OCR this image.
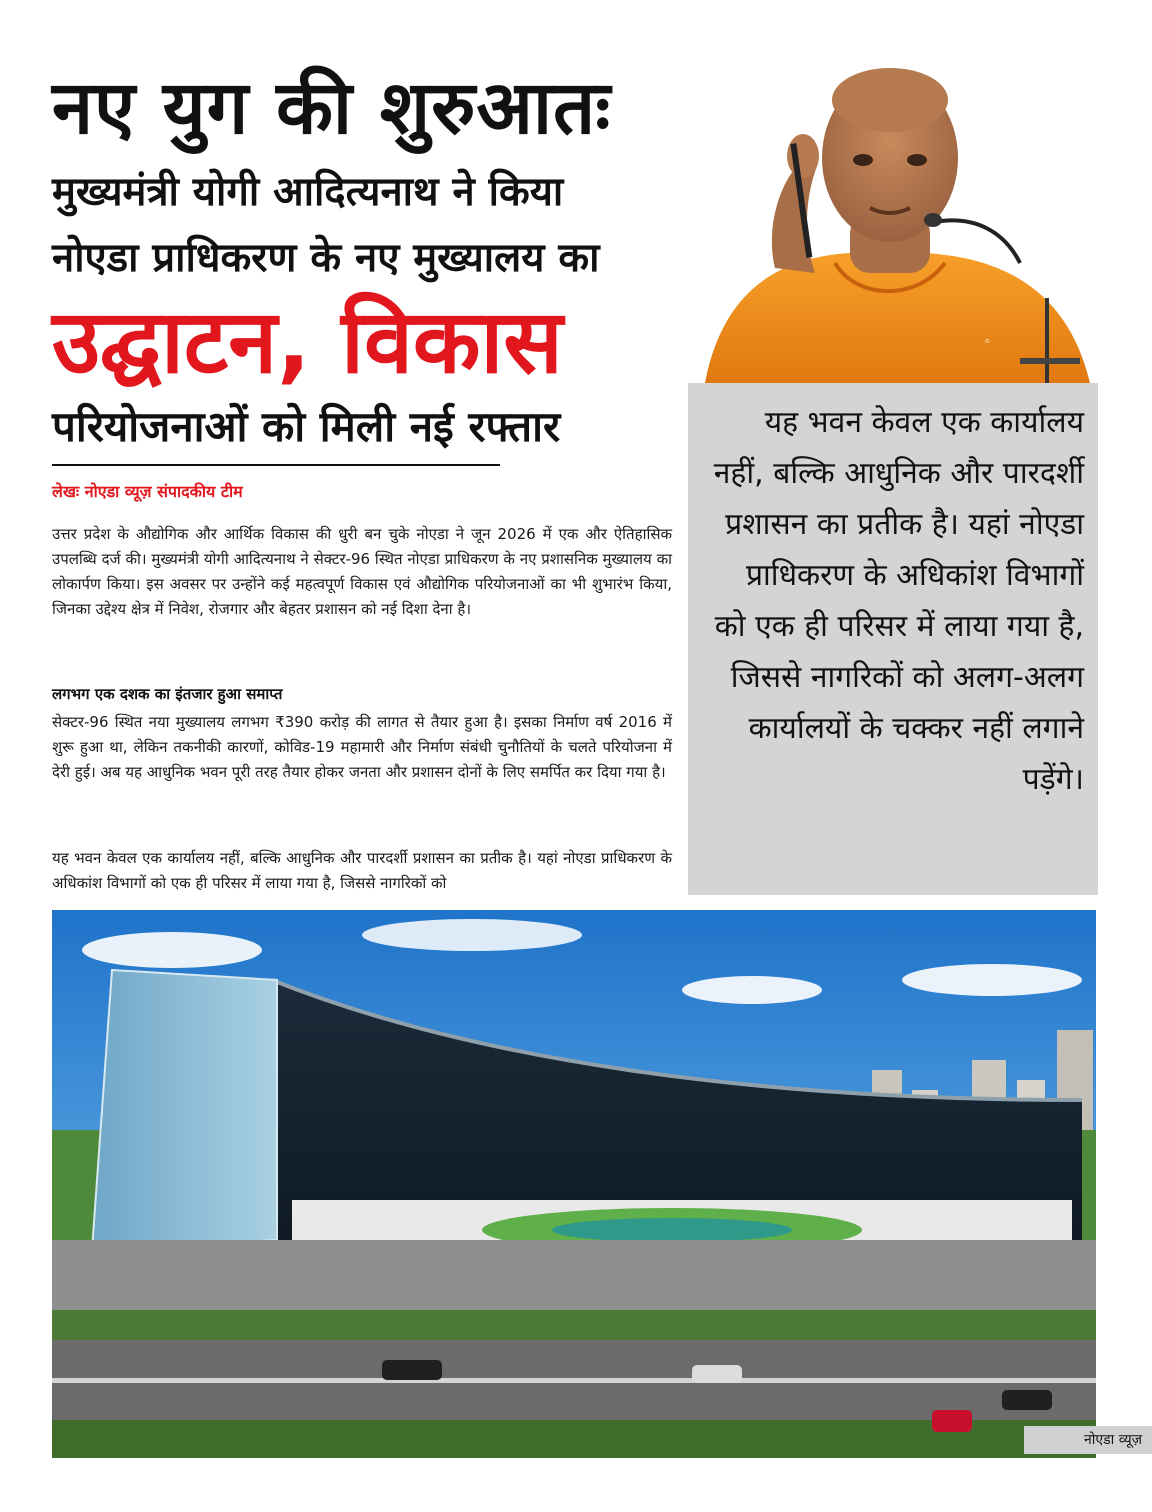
नए युग की शुरुआतः
मुख्यमंत्री योगी आदित्यनाथ ने किया
नोएडा प्राधिकरण के नए मुख्यालय का
उद्घाटन, विकास
परियोजनाओं को मिली नई रफ्तार
लेखः नोएडा व्यूज़ संपादकीय टीम
उत्तर प्रदेश के औद्योगिक और आर्थिक विकास की धुरी बन चुके नोएडा ने जून 2026 में एक और ऐतिहासिक उपलब्धि दर्ज की। मुख्यमंत्री योगी आदित्यनाथ ने सेक्टर-96 स्थित नोएडा प्राधिकरण के नए प्रशासनिक मुख्यालय का लोकार्पण किया। इस अवसर पर उन्होंने कई महत्वपूर्ण विकास एवं औद्योगिक परियोजनाओं का भी शुभारंभ किया, जिनका उद्देश्य क्षेत्र में निवेश, रोजगार और बेहतर प्रशासन को नई दिशा देना है।
लगभग एक दशक का इंतजार हुआ समाप्त
सेक्टर-96 स्थित नया मुख्यालय लगभग ₹390 करोड़ की लागत से तैयार हुआ है। इसका निर्माण वर्ष 2016 में शुरू हुआ था, लेकिन तकनीकी कारणों, कोविड-19 महामारी और निर्माण संबंधी चुनौतियों के चलते परियोजना में देरी हुई। अब यह आधुनिक भवन पूरी तरह तैयार होकर जनता और प्रशासन दोनों के लिए समर्पित कर दिया गया है।
यह भवन केवल एक कार्यालय नहीं, बल्कि आधुनिक और पारदर्शी प्रशासन का प्रतीक है। यहां नोएडा प्राधिकरण के अधिकांश विभागों को एक ही परिसर में लाया गया है, जिससे नागरिकों को
©
यह भवन केवल एक कार्यालय नहीं, बल्कि आधुनिक और पारदर्शी प्रशासन का प्रतीक है। यहां नोएडा प्राधिकरण के अधिकांश विभागों को एक ही परिसर में लाया गया है, जिससे नागरिकों को अलग-अलग कार्यालयों के चक्कर नहीं लगाने पड़ेंगे।
नोएडा व्यूज़
